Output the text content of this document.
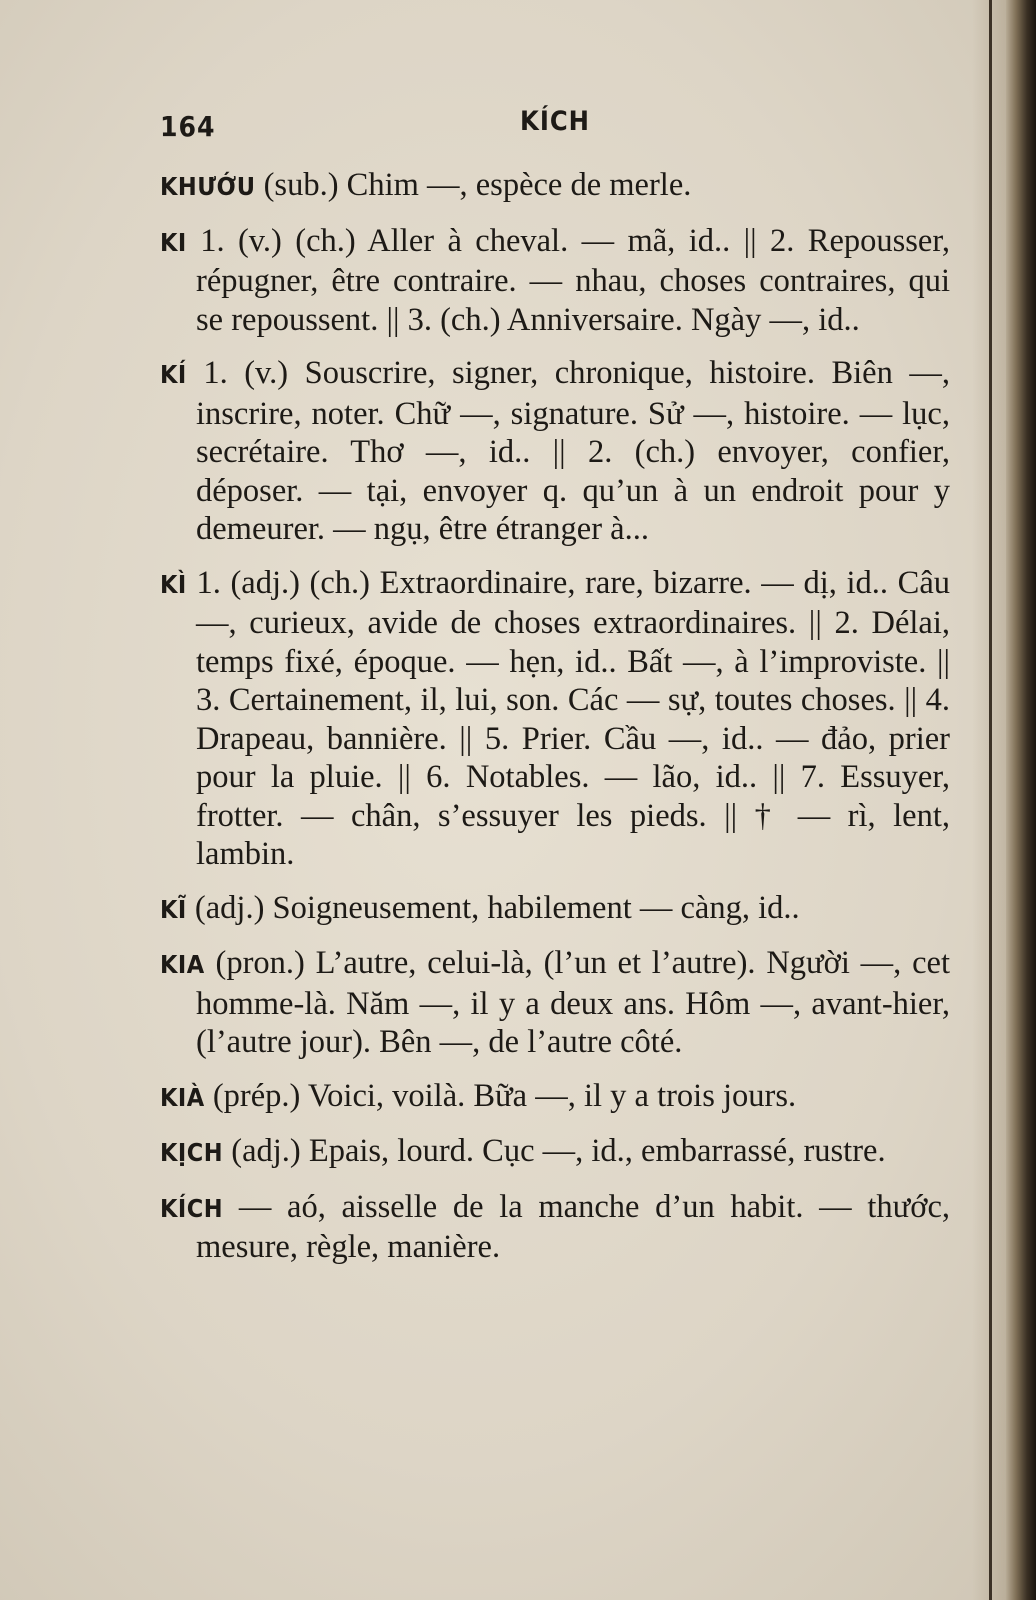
164	KÍCH

KHƯỚU (sub.) Chim —, espèce de merle.

KI 1. (v.) (ch.) Aller à cheval. — mã, id.. || 2. Repousser, répugner, être contraire. — nhau, choses contraires, qui se repoussent. || 3. (ch.) Anniversaire. Ngày —, id..

KÍ 1. (v.) Souscrire, signer, chronique, histoire. Biên —, inscrire, noter. Chữ —, signature. Sử —, histoire. — lục, secrétaire. Thơ —, id.. || 2. (ch.) envoyer, confier, déposer. — tại, envoyer q. qu’un à un endroit pour y demeurer. — ngụ, être étranger à...

KÌ 1. (adj.) (ch.) Extraordinaire, rare, bizarre. — dị, id.. Câu —, curieux, avide de choses extraordinaires. || 2. Délai, temps fixé, époque. — hẹn, id.. Bất —, à l’improviste. || 3. Certainement, il, lui, son. Các — sự, toutes choses. || 4. Drapeau, bannière. || 5. Prier. Cầu —, id.. — đảo, prier pour la pluie. || 6. Notables. — lão, id.. || 7. Essuyer, frotter. — chân, s’essuyer les pieds. || † — rì, lent, lambin.

KĨ (adj.) Soigneusement, habilement — càng, id..

KIA (pron.) L’autre, celui-là, (l’un et l’autre). Người —, cet homme-là. Năm —, il y a deux ans. Hôm —, avant-hier, (l’autre jour). Bên —, de l’autre côté.

KIÀ (prép.) Voici, voilà. Bữa —, il y a trois jours.

KỊCH (adj.) Epais, lourd. Cục —, id., embarrassé, rustre.

KÍCH — aó, aisselle de la manche d’un habit. — thước, mesure, règle, manière.
